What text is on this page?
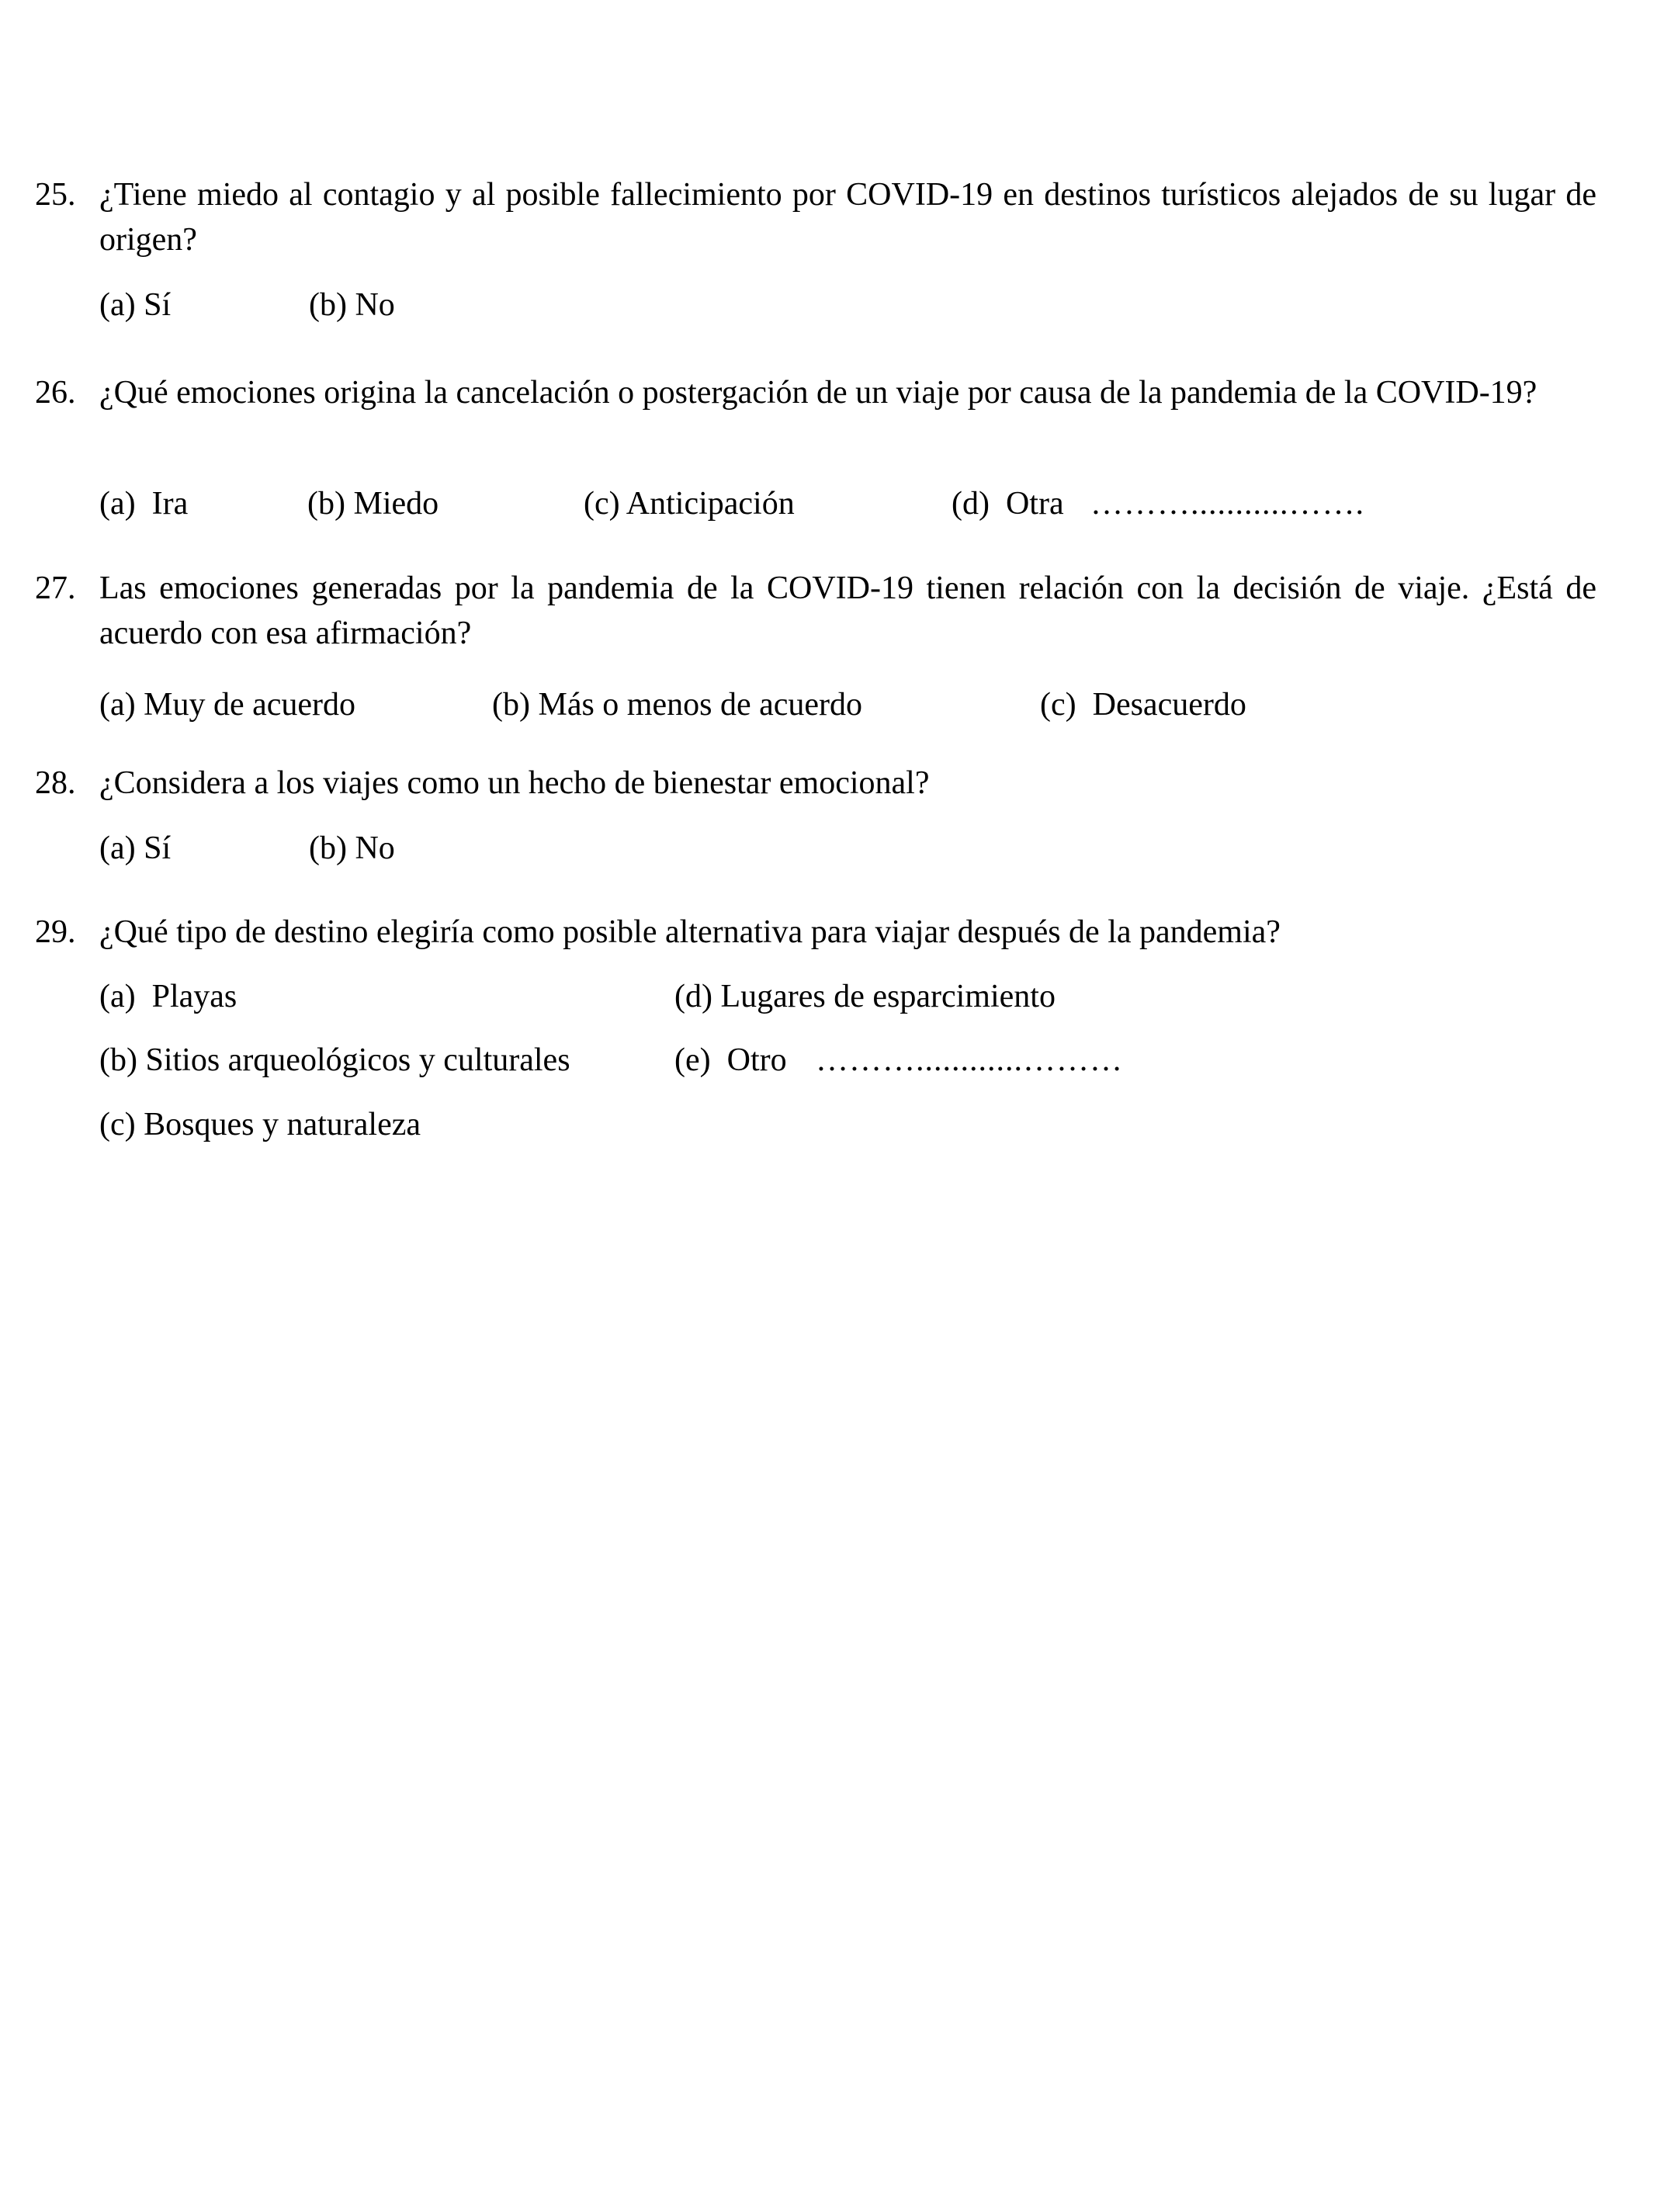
25. ¿Tiene miedo al contagio y al posible fallecimiento por COVID-19 en destinos turísticos alejados de su lugar de origen?

(a) Sí	(b) No
26. ¿Qué emociones origina la cancelación o postergación de un viaje por causa de la pandemia de la COVID-19?

(a)  Ira	(b) Miedo	(c) Anticipación	(d)  Otra ………...........…….
27. Las emociones generadas por la pandemia de la COVID-19 tienen relación con la decisión de viaje. ¿Está de acuerdo con esa afirmación?

(a) Muy de acuerdo	(b) Más o menos de acuerdo	(c)  Desacuerdo
28. ¿Considera a los viajes como un hecho de bienestar emocional?

(a) Sí	(b) No
29. ¿Qué tipo de destino elegiría como posible alternativa para viajar después de la pandemia?

(a)  Playas
(b) Sitios arqueológicos y culturales
(c) Bosques y naturaleza
(d) Lugares de esparcimiento
(e)  Otro ………............………
